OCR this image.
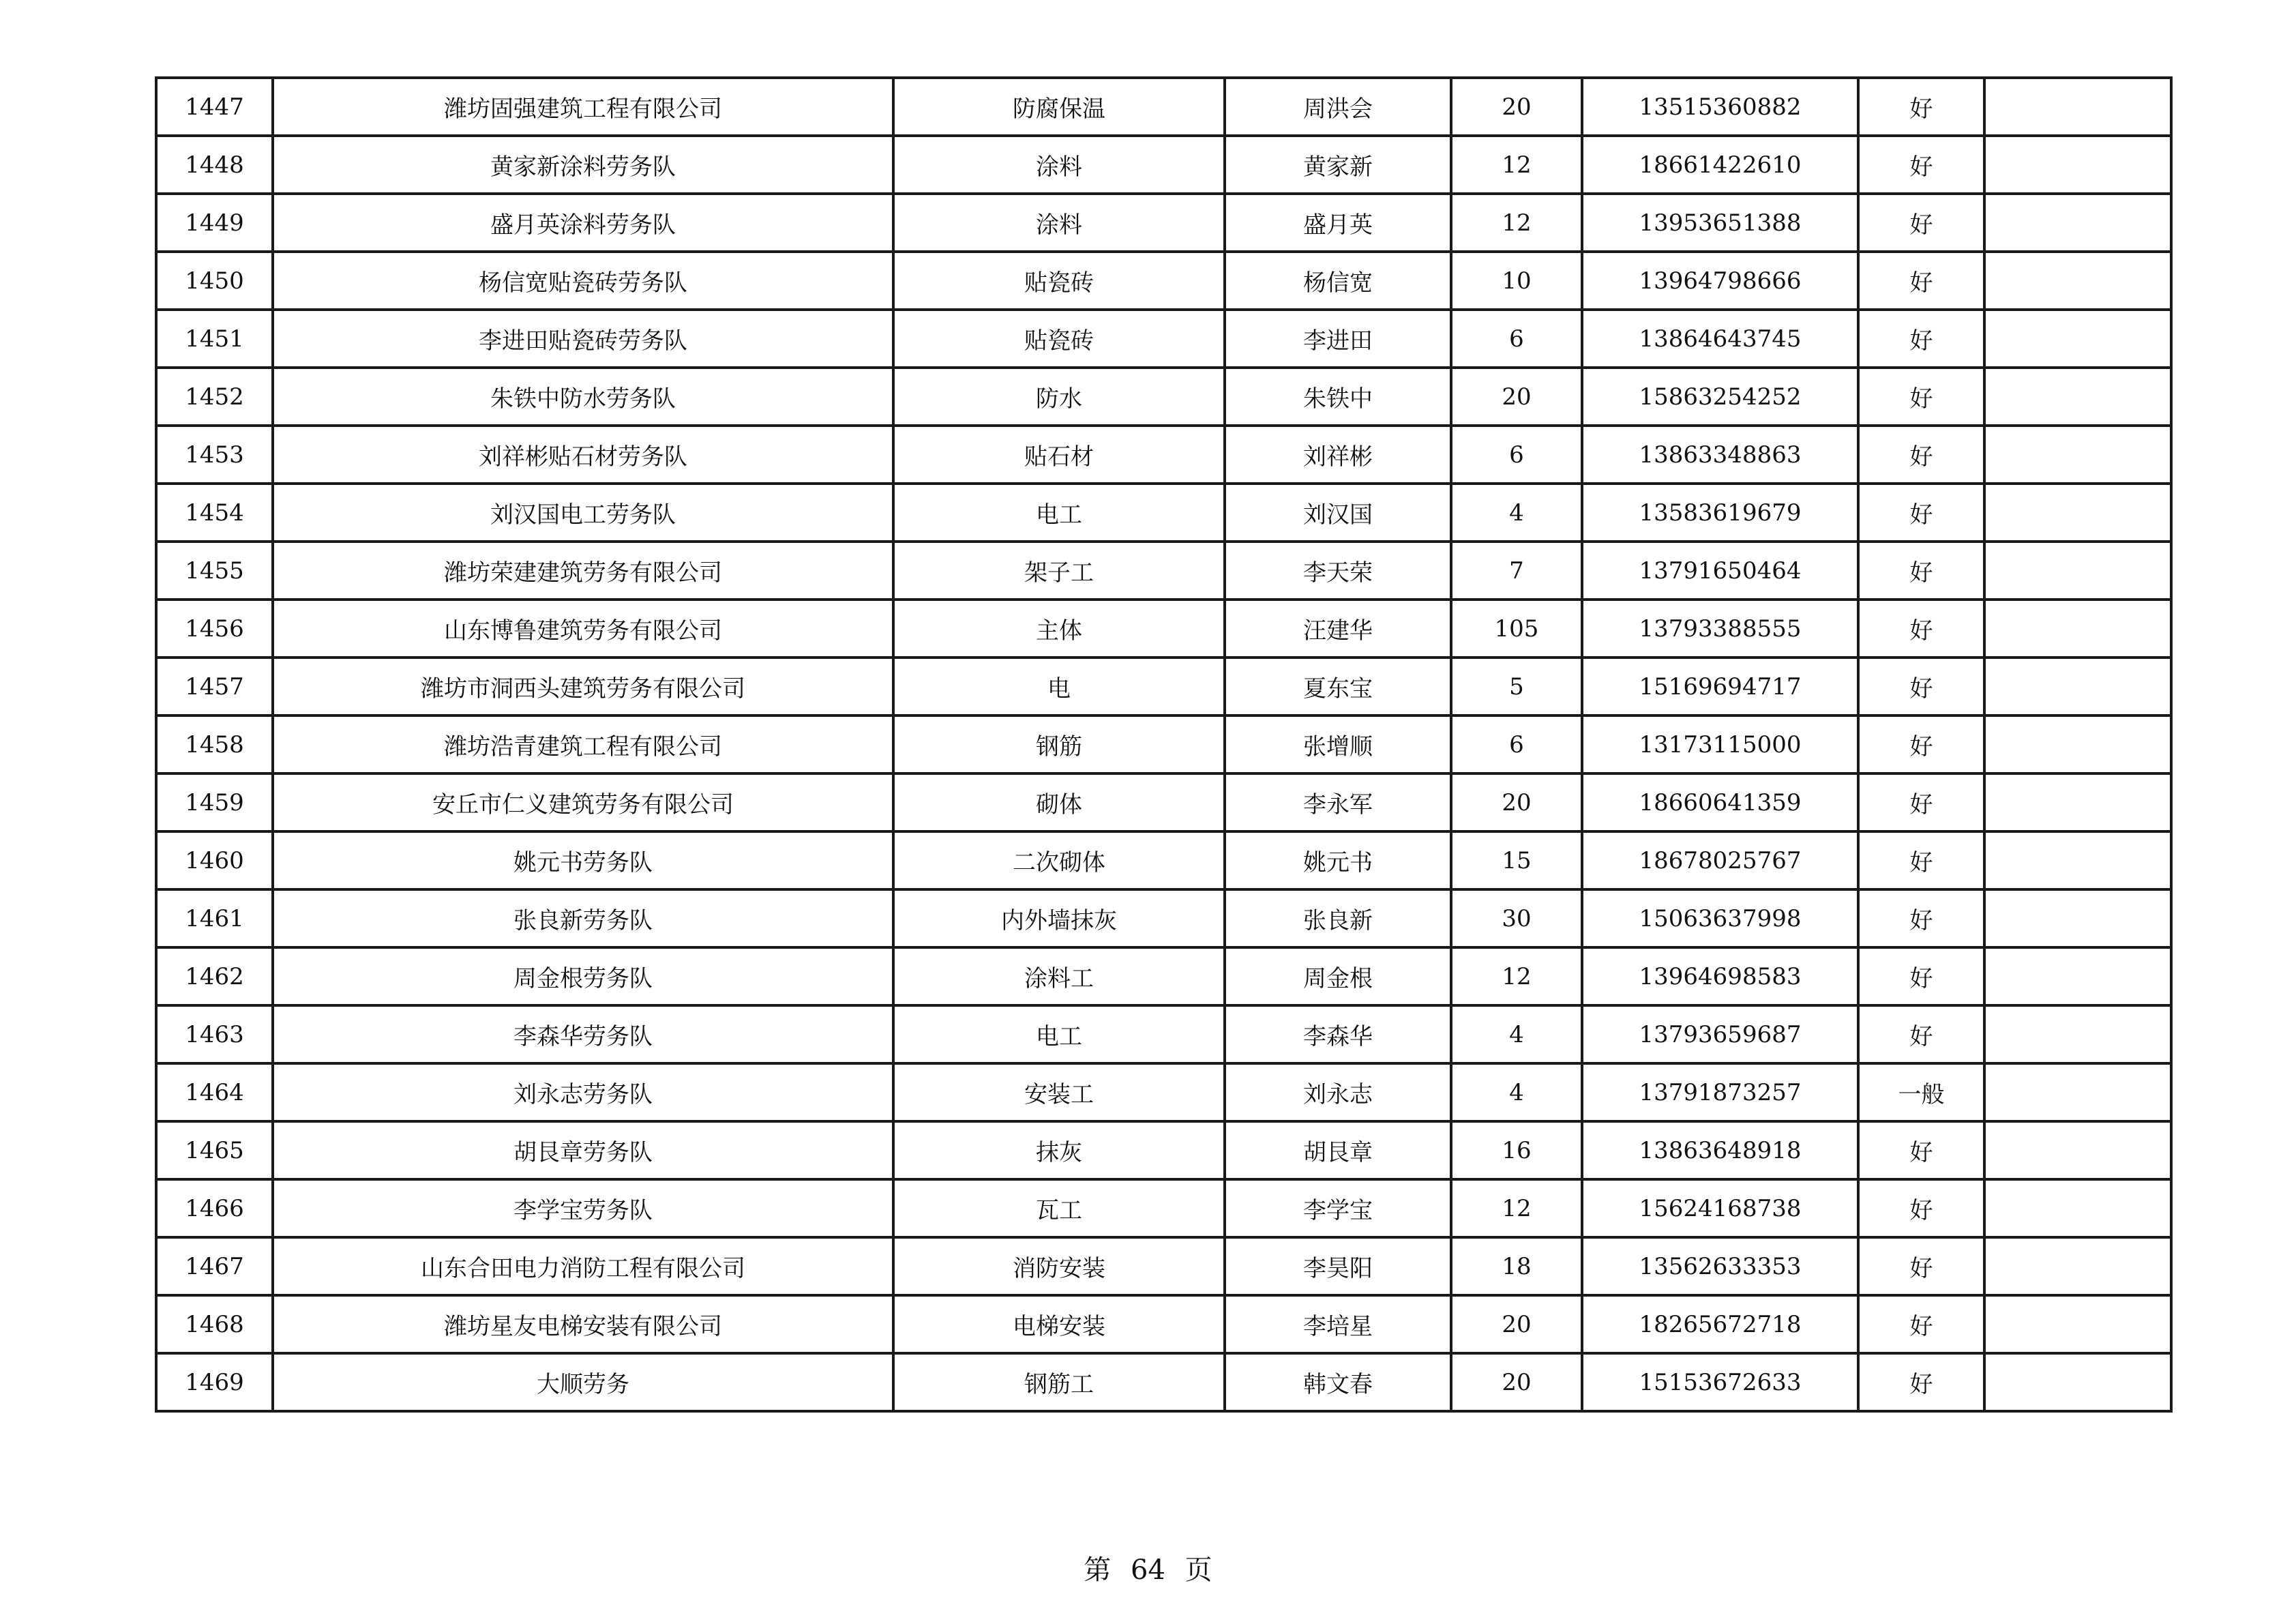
1447	潍坊固强建筑工程有限公司	防腐保温	周洪会	20	13515360882	好	
1448	黄家新涂料劳务队	涂料	黄家新	12	18661422610	好	
1449	盛月英涂料劳务队	涂料	盛月英	12	13953651388	好	
1450	杨信宽贴瓷砖劳务队	贴瓷砖	杨信宽	10	13964798666	好	
1451	李进田贴瓷砖劳务队	贴瓷砖	李进田	6	13864643745	好	
1452	朱铁中防水劳务队	防水	朱铁中	20	15863254252	好	
1453	刘祥彬贴石材劳务队	贴石材	刘祥彬	6	13863348863	好	
1454	刘汉国电工劳务队	电工	刘汉国	4	13583619679	好	
1455	潍坊荣建建筑劳务有限公司	架子工	李天荣	7	13791650464	好	
1456	山东博鲁建筑劳务有限公司	主体	汪建华	105	13793388555	好	
1457	潍坊市洞西头建筑劳务有限公司	电	夏东宝	5	15169694717	好	
1458	潍坊浩青建筑工程有限公司	钢筋	张增顺	6	13173115000	好	
1459	安丘市仁义建筑劳务有限公司	砌体	李永军	20	18660641359	好	
1460	姚元书劳务队	二次砌体	姚元书	15	18678025767	好	
1461	张良新劳务队	内外墙抹灰	张良新	30	15063637998	好	
1462	周金根劳务队	涂料工	周金根	12	13964698583	好	
1463	李森华劳务队	电工	李森华	4	13793659687	好	
1464	刘永志劳务队	安装工	刘永志	4	13791873257	一般	
1465	胡艮章劳务队	抹灰	胡艮章	16	13863648918	好	
1466	李学宝劳务队	瓦工	李学宝	12	15624168738	好	
1467	山东合田电力消防工程有限公司	消防安装	李昊阳	18	13562633353	好	
1468	潍坊星友电梯安装有限公司	电梯安装	李培星	20	18265672718	好	
1469	大顺劳务	钢筋工	韩文春	20	15153672633	好	
第 64 页
